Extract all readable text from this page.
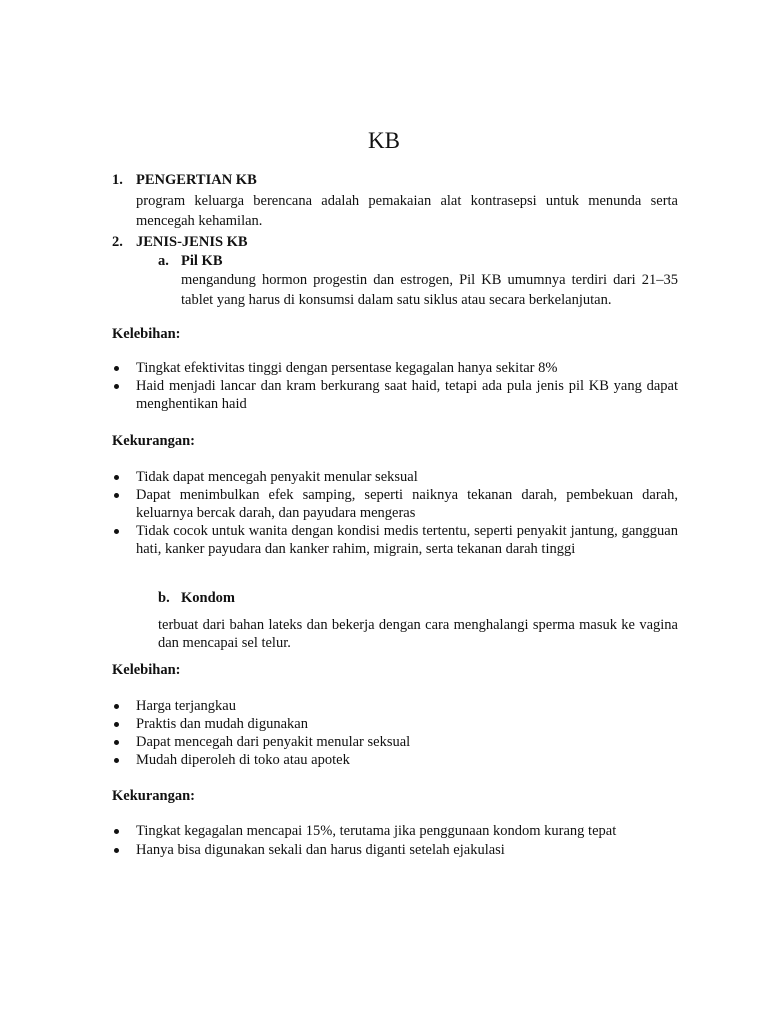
KB
1. PENGERTIAN KB
program keluarga berencana adalah pemakaian alat kontrasepsi untuk menunda serta mencegah kehamilan.
2. JENIS-JENIS KB
a. Pil KB
mengandung hormon progestin dan estrogen, Pil KB umumnya terdiri dari 21–35 tablet yang harus di konsumsi dalam satu siklus atau secara berkelanjutan.
Kelebihan:
Tingkat efektivitas tinggi dengan persentase kegagalan hanya sekitar 8%
Haid menjadi lancar dan kram berkurang saat haid, tetapi ada pula jenis pil KB yang dapat menghentikan haid
Kekurangan:
Tidak dapat mencegah penyakit menular seksual
Dapat menimbulkan efek samping, seperti naiknya tekanan darah, pembekuan darah, keluarnya bercak darah, dan payudara mengeras
Tidak cocok untuk wanita dengan kondisi medis tertentu, seperti penyakit jantung, gangguan hati, kanker payudara dan kanker rahim, migrain, serta tekanan darah tinggi
b. Kondom
terbuat dari bahan lateks dan bekerja dengan cara menghalangi sperma masuk ke vagina dan mencapai sel telur.
Kelebihan:
Harga terjangkau
Praktis dan mudah digunakan
Dapat mencegah dari penyakit menular seksual
Mudah diperoleh di toko atau apotek
Kekurangan:
Tingkat kegagalan mencapai 15%, terutama jika penggunaan kondom kurang tepat
Hanya bisa digunakan sekali dan harus diganti setelah ejakulasi
